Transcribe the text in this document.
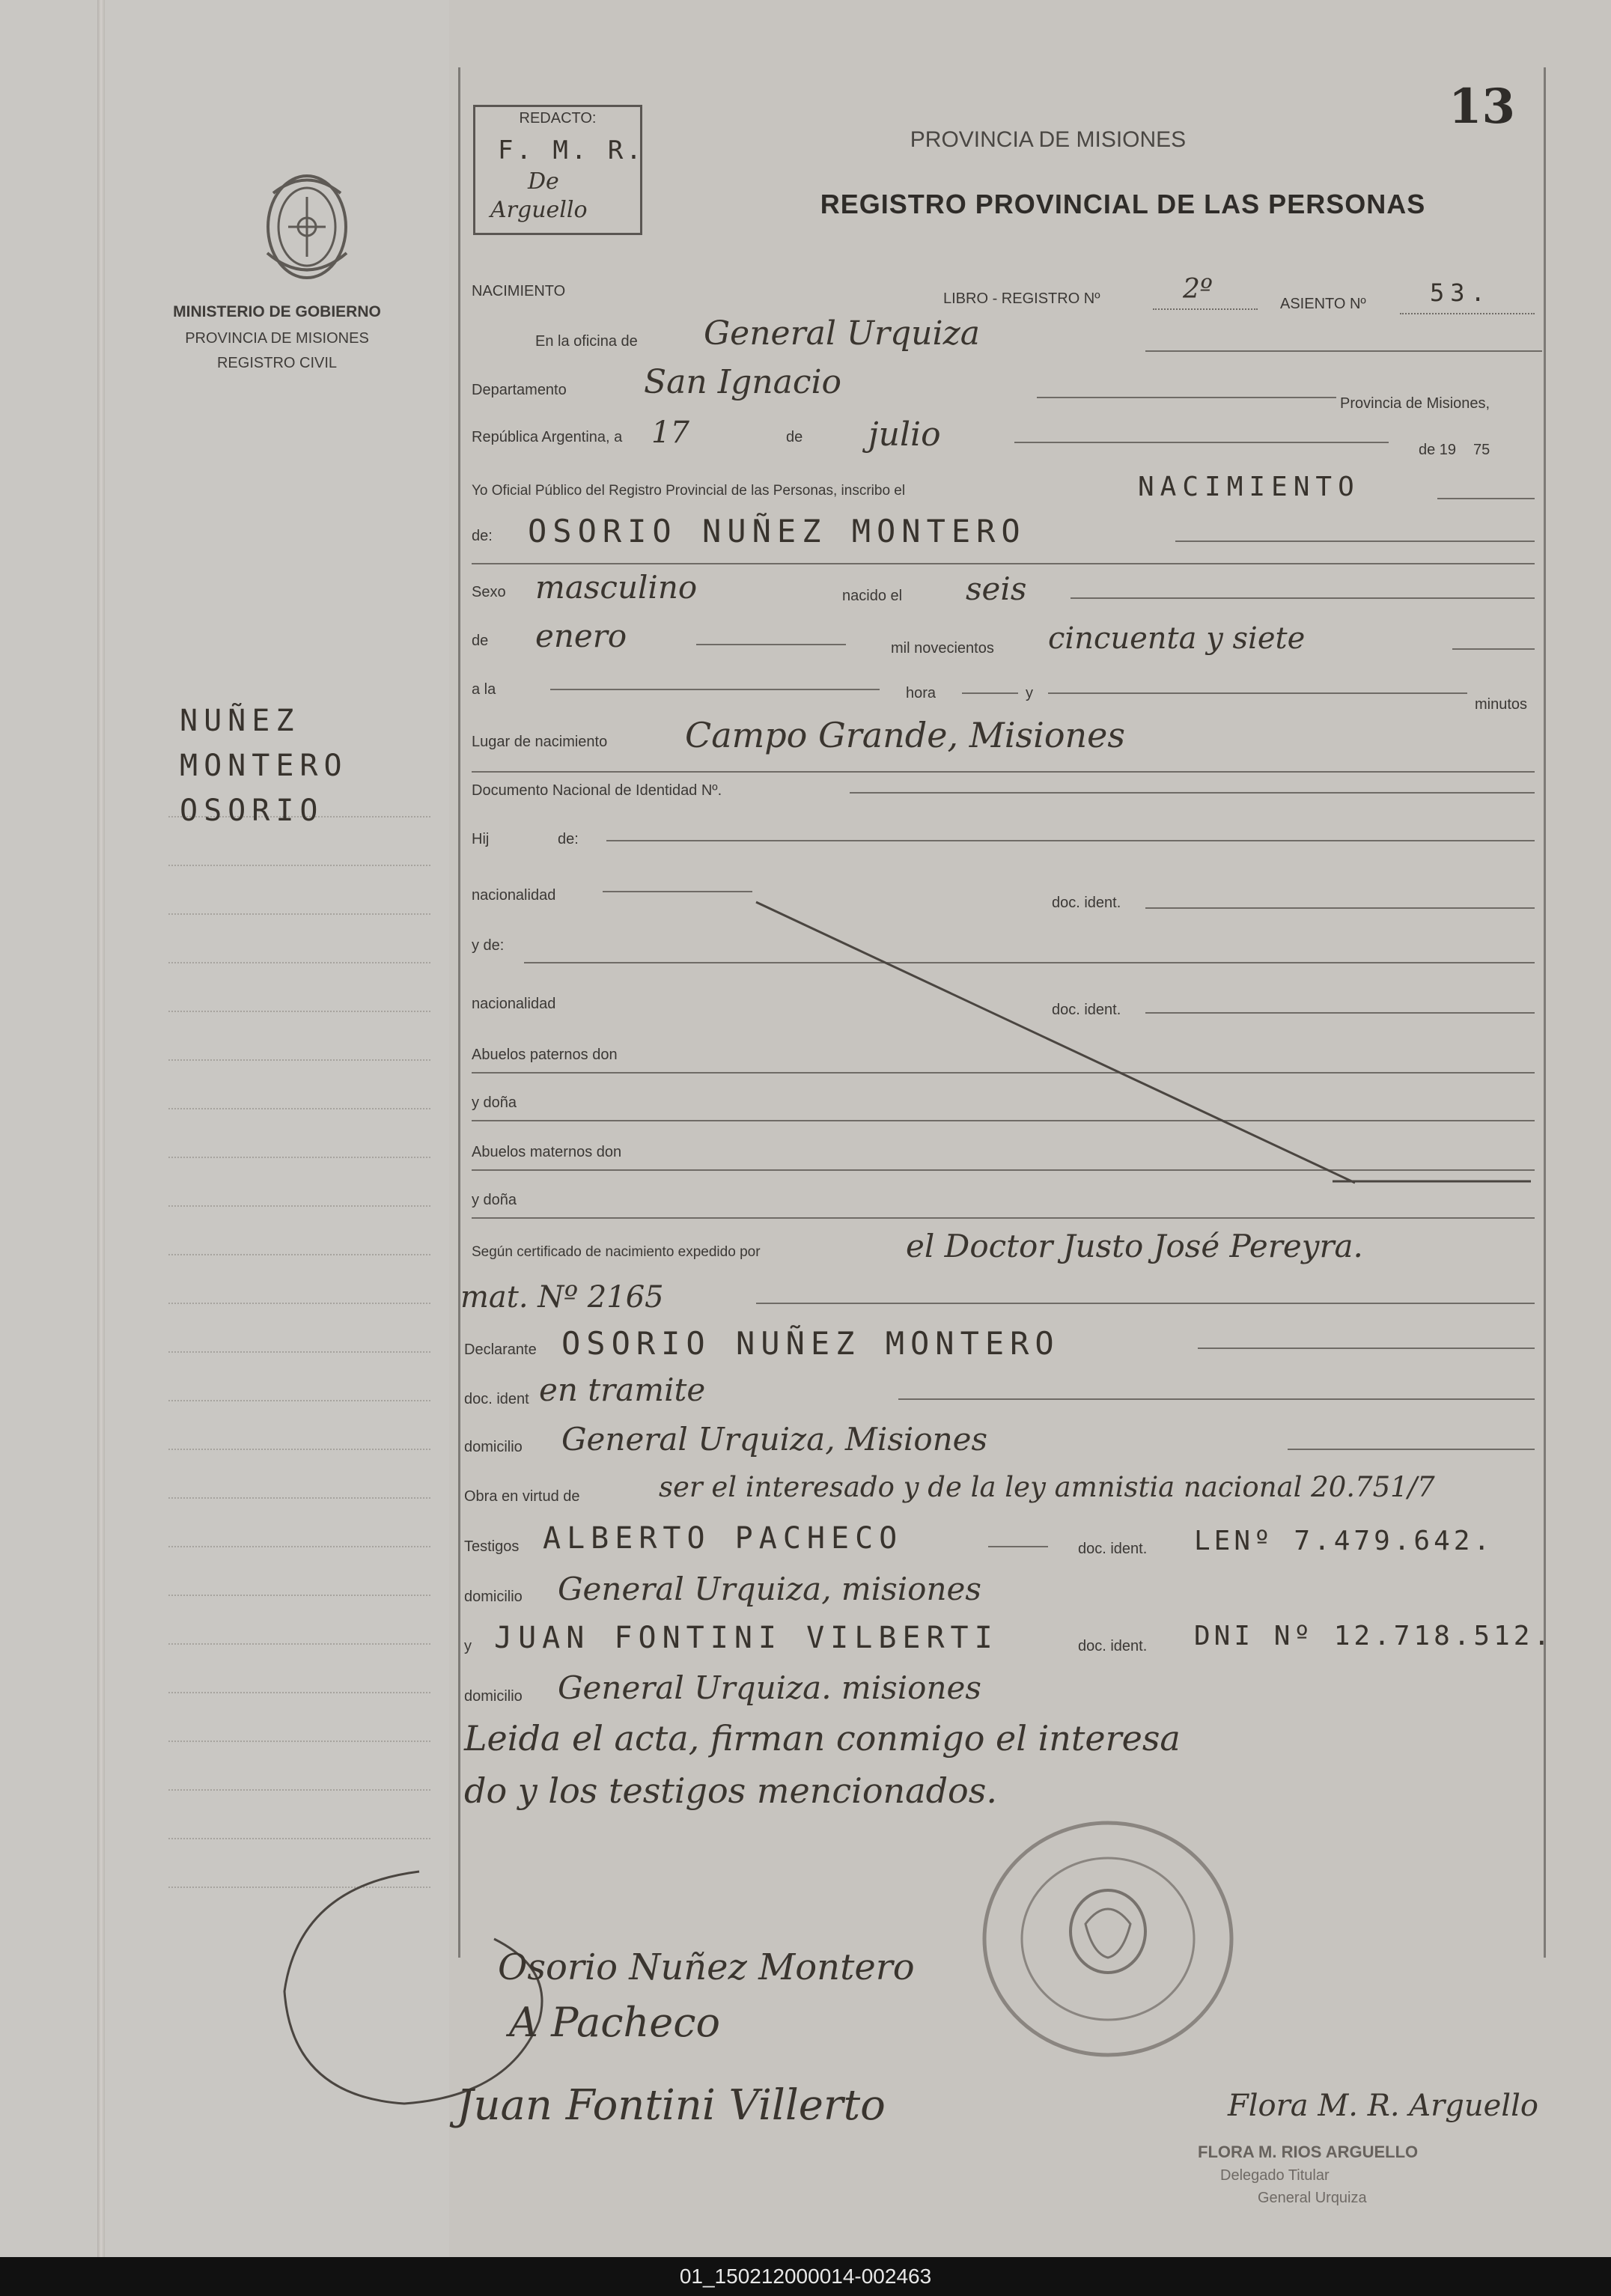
MINISTERIO DE GOBIERNO
PROVINCIA DE MISIONES
REGISTRO CIVIL
NUÑEZ
MONTERO
OSORIO
REDACTO:
F. M. R.
De
Arguello
PROVINCIA DE MISIONES
REGISTRO PROVINCIAL DE LAS PERSONAS
13
NACIMIENTO	LIBRO - REGISTRO Nº	2º	ASIENTO Nº	53.
En la oficina de General Urquiza
Departamento San Ignacio
Provincia de Misiones,
República Argentina, a 17	de julio	de 19 75
Yo Oficial Público del Registro Provincial de las Personas, inscribo el	NACIMIENTO
de: OSORIO NUÑEZ MONTERO
Sexo masculino	nacido el seis
de enero	mil novecientos cincuenta y siete
a la	hora	y
minutos
Lugar de nacimiento Campo Grande, Misiones
Documento Nacional de Identidad Nº.
Hij	de:
nacionalidad	doc. ident.
y de:
nacionalidad	doc. ident.
Abuelos paternos don
y doña
Abuelos maternos don
y doña
Según certificado de nacimiento expedido por	el Doctor Justo José Pereyra.
mat. Nº 2165
Declarante OSORIO NUÑEZ MONTERO
doc. ident en tramite
domicilio General Urquiza, Misiones
Obra en virtud de	ser el interesado y de la ley amnistia nacional 20.751/7
Testigos ALBERTO PACHECO	doc. ident. LENº 7.479.642.
domicilio General Urquiza, misiones
y JUAN FONTINI VILBERTI	doc. ident. DNI Nº 12.718.512.
domicilio General Urquiza. misiones
Leida el acta, firman conmigo el interesa
do y los testigos mencionados.
Osorio Nuñez Montero
A Pacheco
Juan Fontini Villerto	Flora M. R. Arguello
FLORA M. RIOS ARGUELLO
Delegado Titular
General Urquiza
01_150212000014-002463
